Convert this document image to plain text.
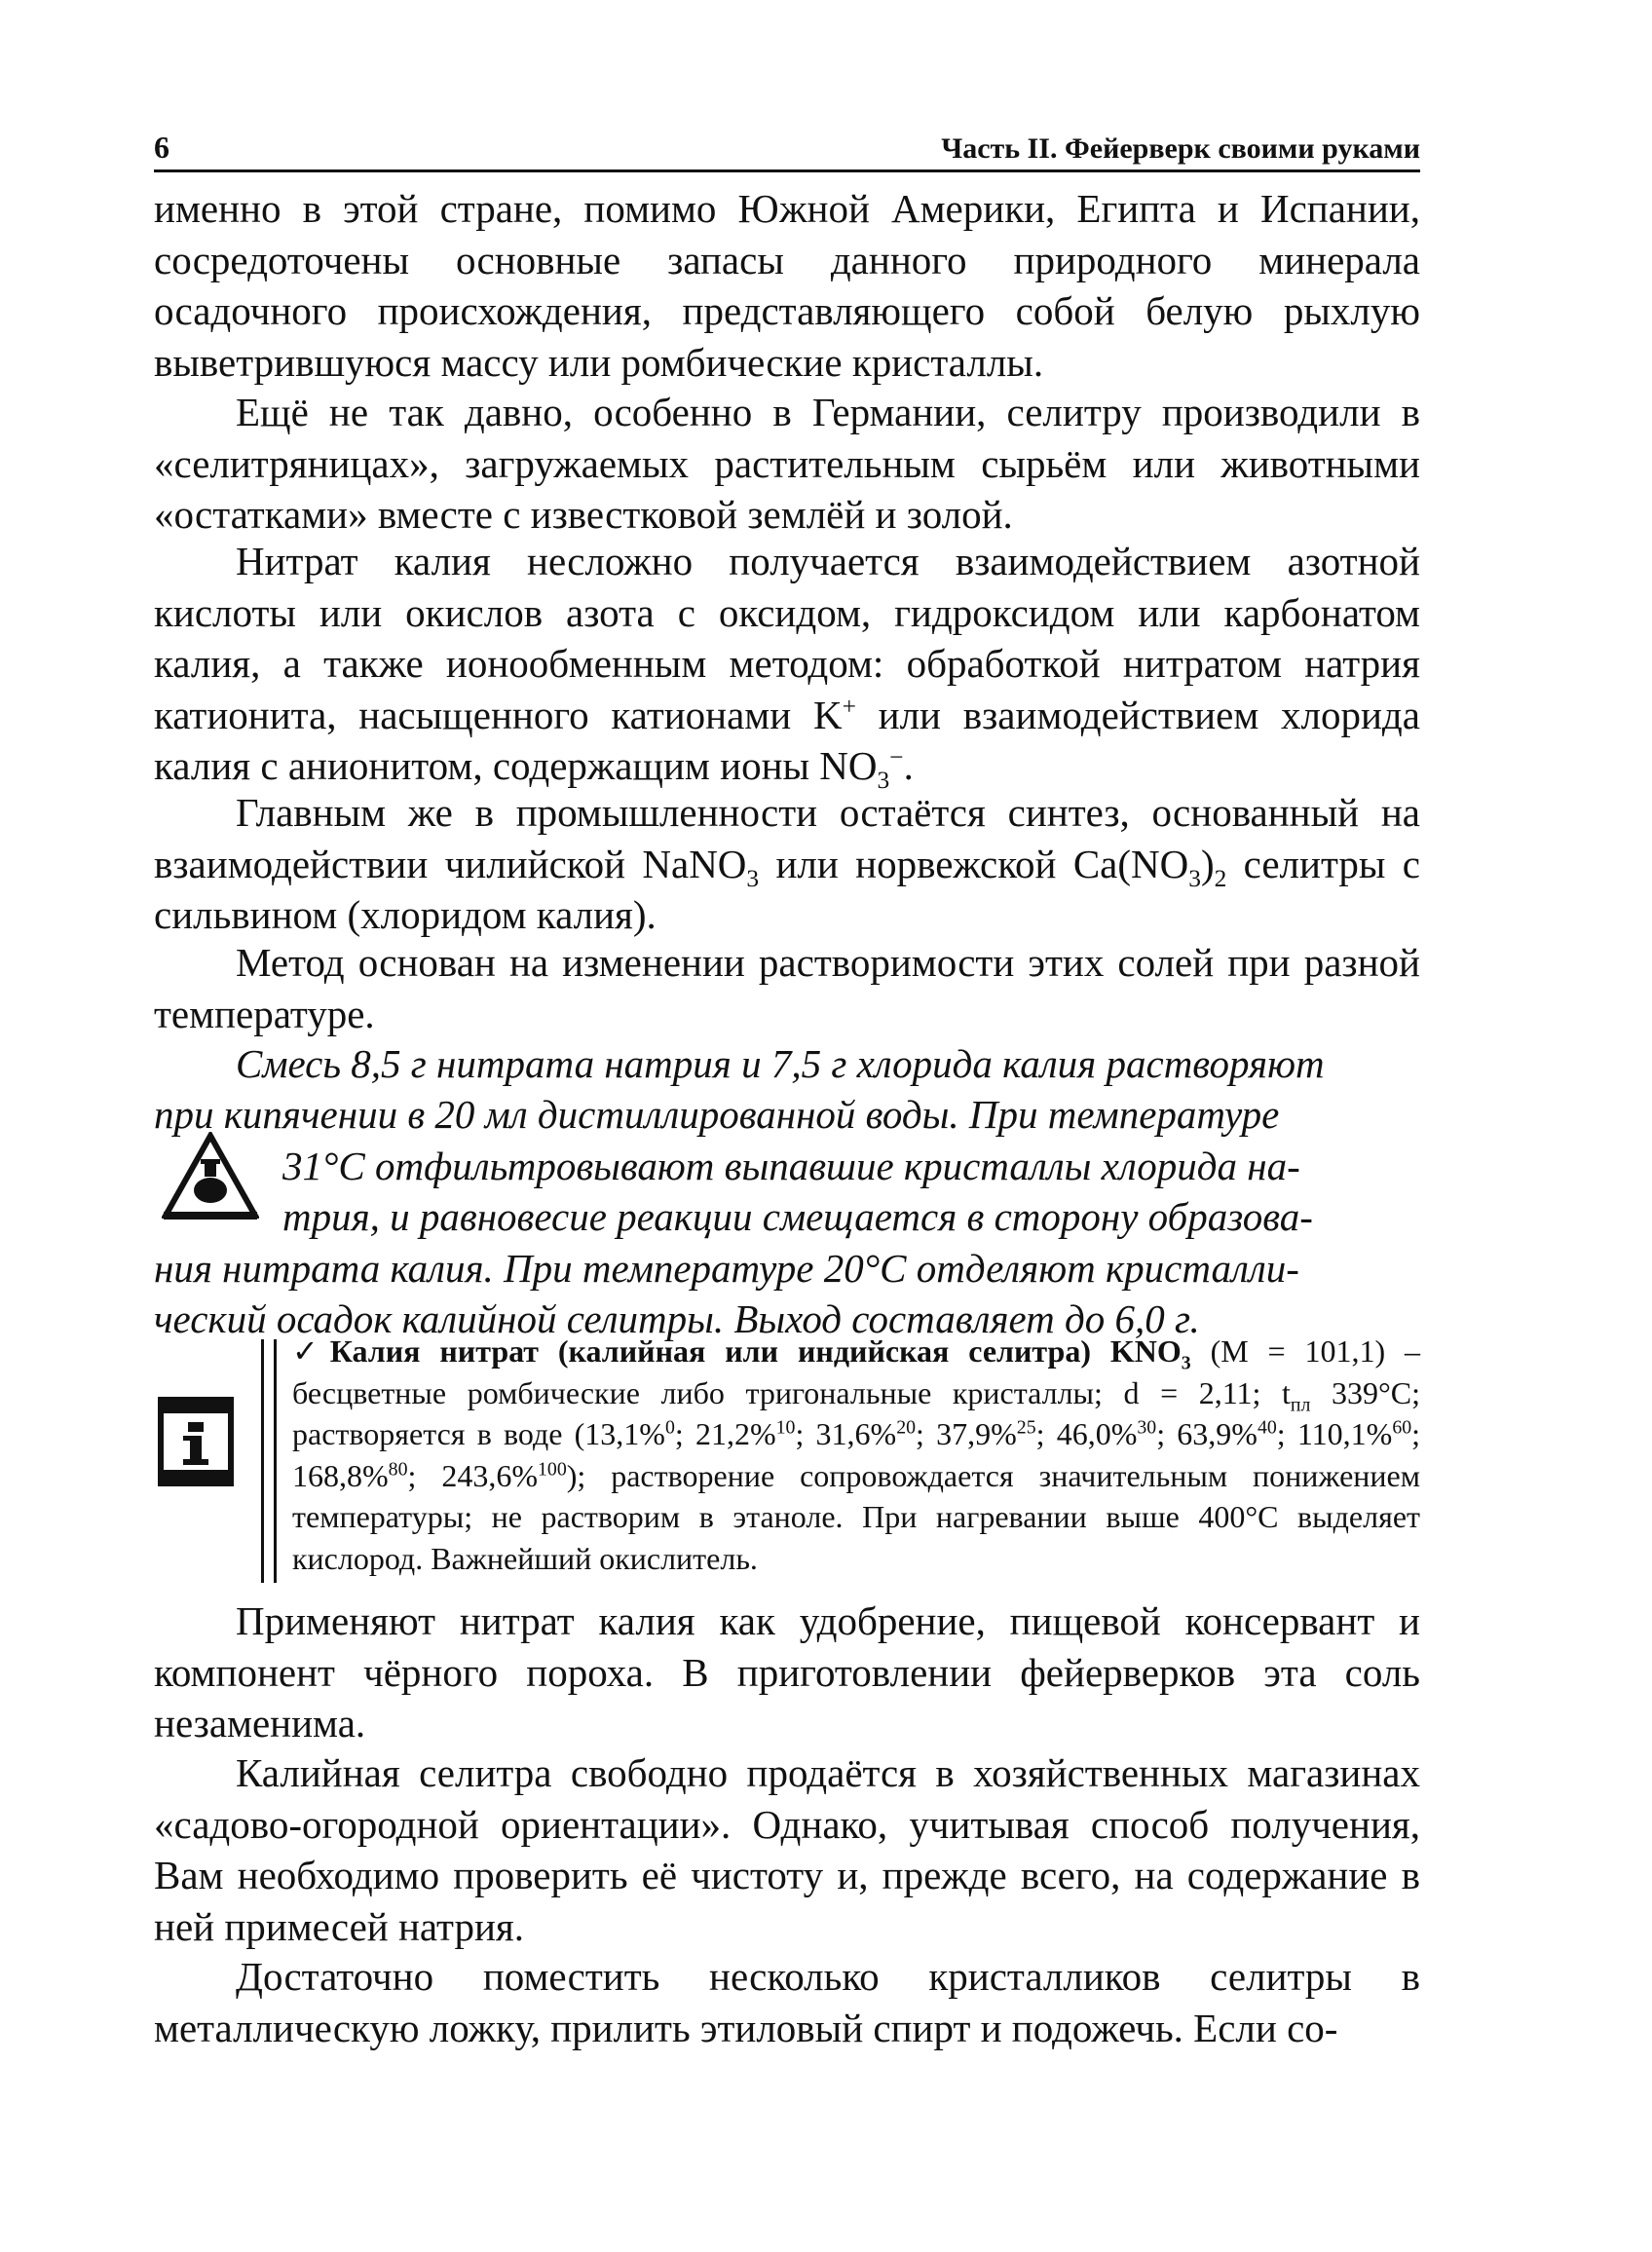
6	Часть II. Фейерверк своими руками

именно в этой стране, помимо Южной Америки, Египта и Испании, сосредоточены основные запасы данного природного минерала осадочного происхождения, представляющего собой белую рыхлую выветрившуюся массу или ромбические кристаллы.

Ещё не так давно, особенно в Германии, селитру производили в «селитряницах», загружаемых растительным сырьём или животными «остатками» вместе с известковой землёй и золой.

Нитрат калия несложно получается взаимодействием азотной кислоты или окислов азота с оксидом, гидроксидом или карбонатом калия, а также ионообменным методом: обработкой нитратом натрия катионита, насыщенного катионами K+ или взаимодействием хлорида калия с анионитом, содержащим ионы $NO_3^-$.

Главным же в промышленности остаётся синтез, основанный на взаимодействии чилийской NaNO$_3$ или норвежской $Ca(NO_3)_2$ селитры с сильвином (хлоридом калия).

Метод основан на изменении растворимости этих солей при разной температуре.

Смесь 8,5 г нитрата натрия и 7,5 г хлорида калия растворяют

при кипячении в 20 мл дистиллированной воды. При температуре

31°С отфильтровывают выпавшие кристаллы хлорида на-

трия, и равновесие реакции смещается в сторону образова-

ния нитрата калия. При температуре 20°С отделяют кристалли-

ческий осадок калийной селитры. Выход составляет до 6,0 г.

✓Калия нитрат (калийная или индийская селитра) $KNO_3$ (М = 101,1) – бесцветные ромбические либо тригональные кристаллы; d = 2,11; $t_{пл}$ 339°С; растворяется в воде (13,1%$^0$; 21,2%$^{10}$; 31,6%$^{20}$; 37,9%$^{25}$; 46,0%$^{30}$; 63,9%$^{40}$; 110,1%$^{60}$; 168,8%$^{80}$; 243,6%$^{100}$); растворение сопровождается значительным понижением температуры; не растворим в этаноле. При нагревании выше 400°С выделяет кислород. Важнейший окислитель.

Применяют нитрат калия как удобрение, пищевой консервант и компонент чёрного пороха. В приготовлении фейерверков эта соль незаменима.

Калийная селитра свободно продаётся в хозяйственных магазинах «садово-огородной ориентации». Однако, учитывая способ получения, Вам необходимо проверить её чистоту и, прежде всего, на содержание в ней примесей натрия.

Достаточно поместить несколько кристалликов селитры в металлическую ложку, прилить этиловый спирт и подожечь. Если со-
